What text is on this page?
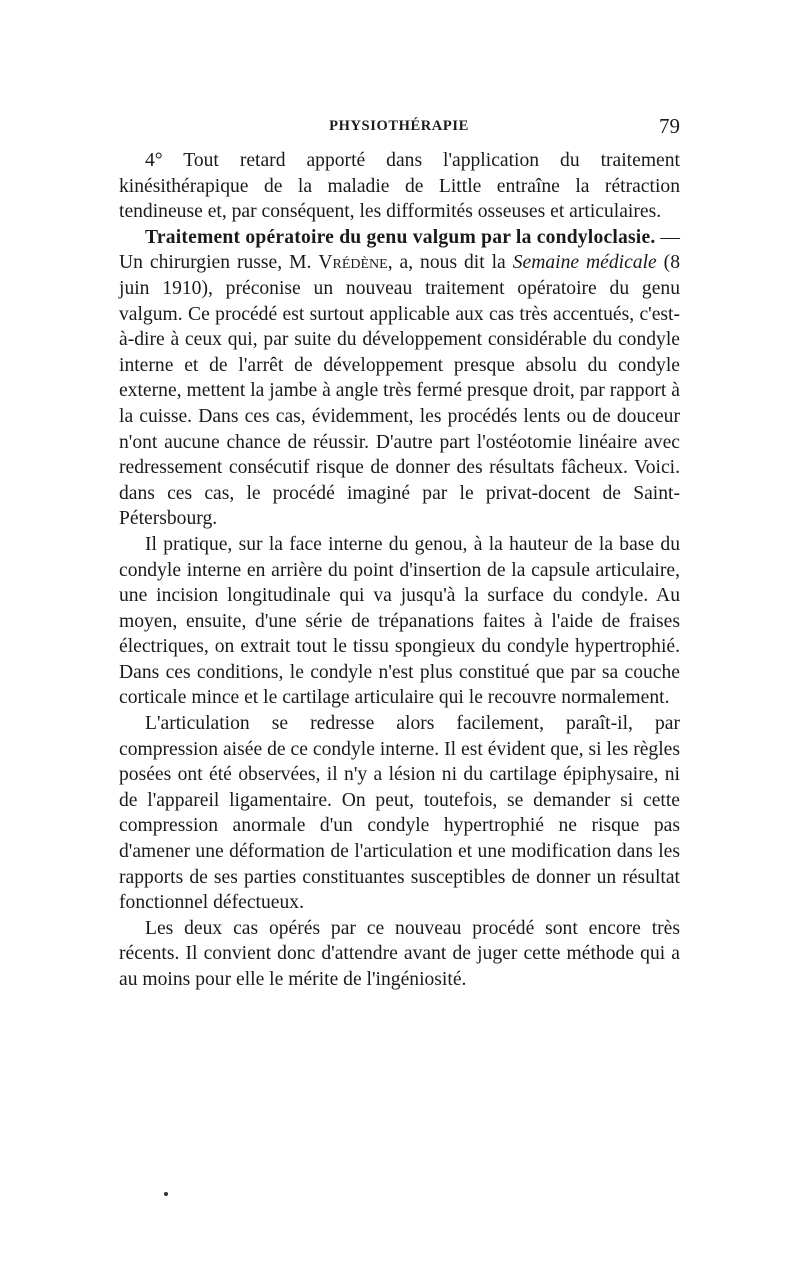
PHYSIOTHÉRAPIE	79

4° Tout retard apporté dans l'application du traitement kinésithérapique de la maladie de Little entraîne la rétraction tendineuse et, par conséquent, les difformités osseuses et articulaires.

Traitement opératoire du genu valgum par la condyloclasie. — Un chirurgien russe, M. Vrédène, a, nous dit la Semaine médicale (8 juin 1910), préconise un nouveau traitement opératoire du genu valgum. Ce procédé est surtout applicable aux cas très accentués, c'est-à-dire à ceux qui, par suite du développement considérable du condyle interne et de l'arrêt de développement presque absolu du condyle externe, mettent la jambe à angle très fermé presque droit, par rapport à la cuisse. Dans ces cas, évidemment, les procédés lents ou de douceur n'ont aucune chance de réussir. D'autre part l'ostéotomie linéaire avec redressement consécutif risque de donner des résultats fâcheux. Voici. dans ces cas, le procédé imaginé par le privat-docent de Saint-Pétersbourg.

Il pratique, sur la face interne du genou, à la hauteur de la base du condyle interne en arrière du point d'insertion de la capsule articulaire, une incision longitudinale qui va jusqu'à la surface du condyle. Au moyen, ensuite, d'une série de trépanations faites à l'aide de fraises électriques, on extrait tout le tissu spongieux du condyle hypertrophié. Dans ces conditions, le condyle n'est plus constitué que par sa couche corticale mince et le cartilage articulaire qui le recouvre normalement.

L'articulation se redresse alors facilement, paraît-il, par compression aisée de ce condyle interne. Il est évident que, si les règles posées ont été observées, il n'y a lésion ni du cartilage épiphysaire, ni de l'appareil ligamentaire. On peut, toutefois, se demander si cette compression anormale d'un condyle hypertrophié ne risque pas d'amener une déformation de l'articulation et une modification dans les rapports de ses parties constituantes susceptibles de donner un résultat fonctionnel défectueux.

Les deux cas opérés par ce nouveau procédé sont encore très récents. Il convient donc d'attendre avant de juger cette méthode qui a au moins pour elle le mérite de l'ingéniosité.
